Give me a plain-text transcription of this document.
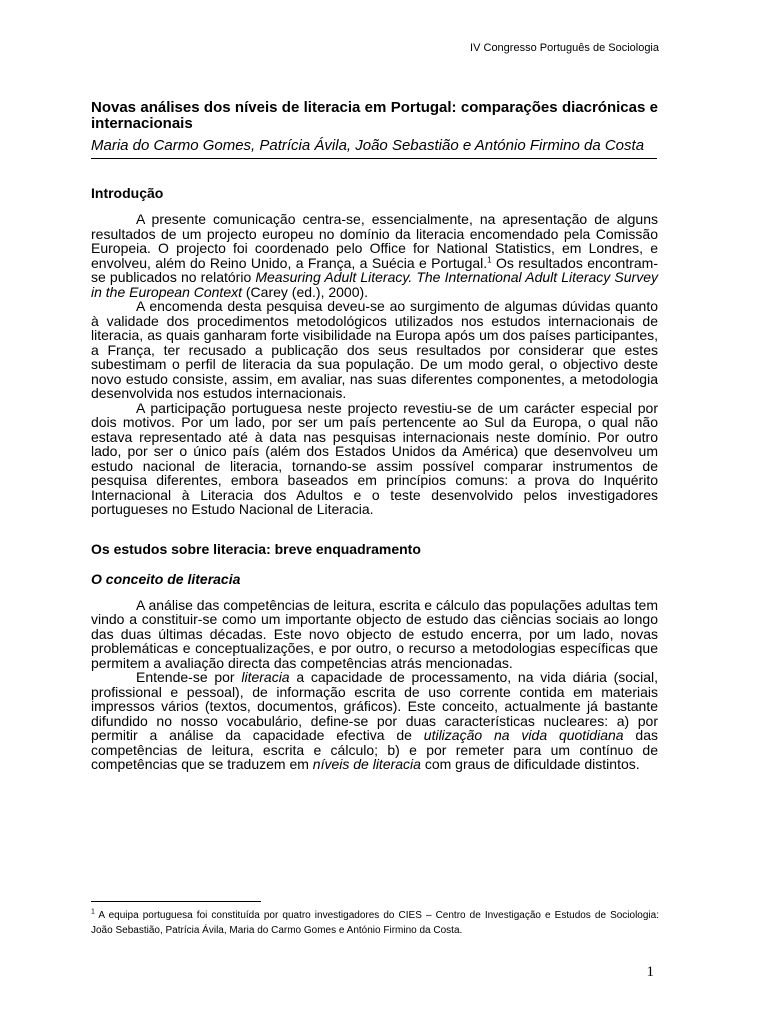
IV Congresso Português de Sociologia
Novas análises dos níveis de literacia em Portugal: comparações diacrónicas e internacionais

Maria do Carmo Gomes, Patrícia Ávila, João Sebastião e António Firmino da Costa

Introdução

A presente comunicação centra-se, essencialmente, na apresentação de alguns resultados de um projecto europeu no domínio da literacia encomendado pela Comissão Europeia. O projecto foi coordenado pelo Office for National Statistics, em Londres, e envolveu, além do Reino Unido, a França, a Suécia e Portugal.$^1$ Os resultados encontram-se publicados no relatório Measuring Adult Literacy. The International Adult Literacy Survey in the European Context (Carey (ed.), 2000).

A encomenda desta pesquisa deveu-se ao surgimento de algumas dúvidas quanto à validade dos procedimentos metodológicos utilizados nos estudos internacionais de literacia, as quais ganharam forte visibilidade na Europa após um dos países participantes, a França, ter recusado a publicação dos seus resultados por considerar que estes subestimam o perfil de literacia da sua população. De um modo geral, o objectivo deste novo estudo consiste, assim, em avaliar, nas suas diferentes componentes, a metodologia desenvolvida nos estudos internacionais.

A participação portuguesa neste projecto revestiu-se de um carácter especial por dois motivos. Por um lado, por ser um país pertencente ao Sul da Europa, o qual não estava representado até à data nas pesquisas internacionais neste domínio. Por outro lado, por ser o único país (além dos Estados Unidos da América) que desenvolveu um estudo nacional de literacia, tornando-se assim possível comparar instrumentos de pesquisa diferentes, embora baseados em princípios comuns: a prova do Inquérito Internacional à Literacia dos Adultos e o teste desenvolvido pelos investigadores portugueses no Estudo Nacional de Literacia.

Os estudos sobre literacia: breve enquadramento
O conceito de literacia

A análise das competências de leitura, escrita e cálculo das populações adultas tem vindo a constituir-se como um importante objecto de estudo das ciências sociais ao longo das duas últimas décadas. Este novo objecto de estudo encerra, por um lado, novas problemáticas e conceptualizações, e por outro, o recurso a metodologias específicas que permitem a avaliação directa das competências atrás mencionadas.

Entende-se por literacia a capacidade de processamento, na vida diária (social, profissional e pessoal), de informação escrita de uso corrente contida em materiais impressos vários (textos, documentos, gráficos). Este conceito, actualmente já bastante difundido no nosso vocabulário, define-se por duas características nucleares: a) por permitir a análise da capacidade efectiva de utilização na vida quotidiana das competências de leitura, escrita e cálculo; b) e por remeter para um contínuo de competências que se traduzem em níveis de literacia com graus de dificuldade distintos.

$^1$ A equipa portuguesa foi constituída por quatro investigadores do CIES – Centro de Investigação e Estudos de Sociologia: João Sebastião, Patrícia Ávila, Maria do Carmo Gomes e António Firmino da Costa.
1
